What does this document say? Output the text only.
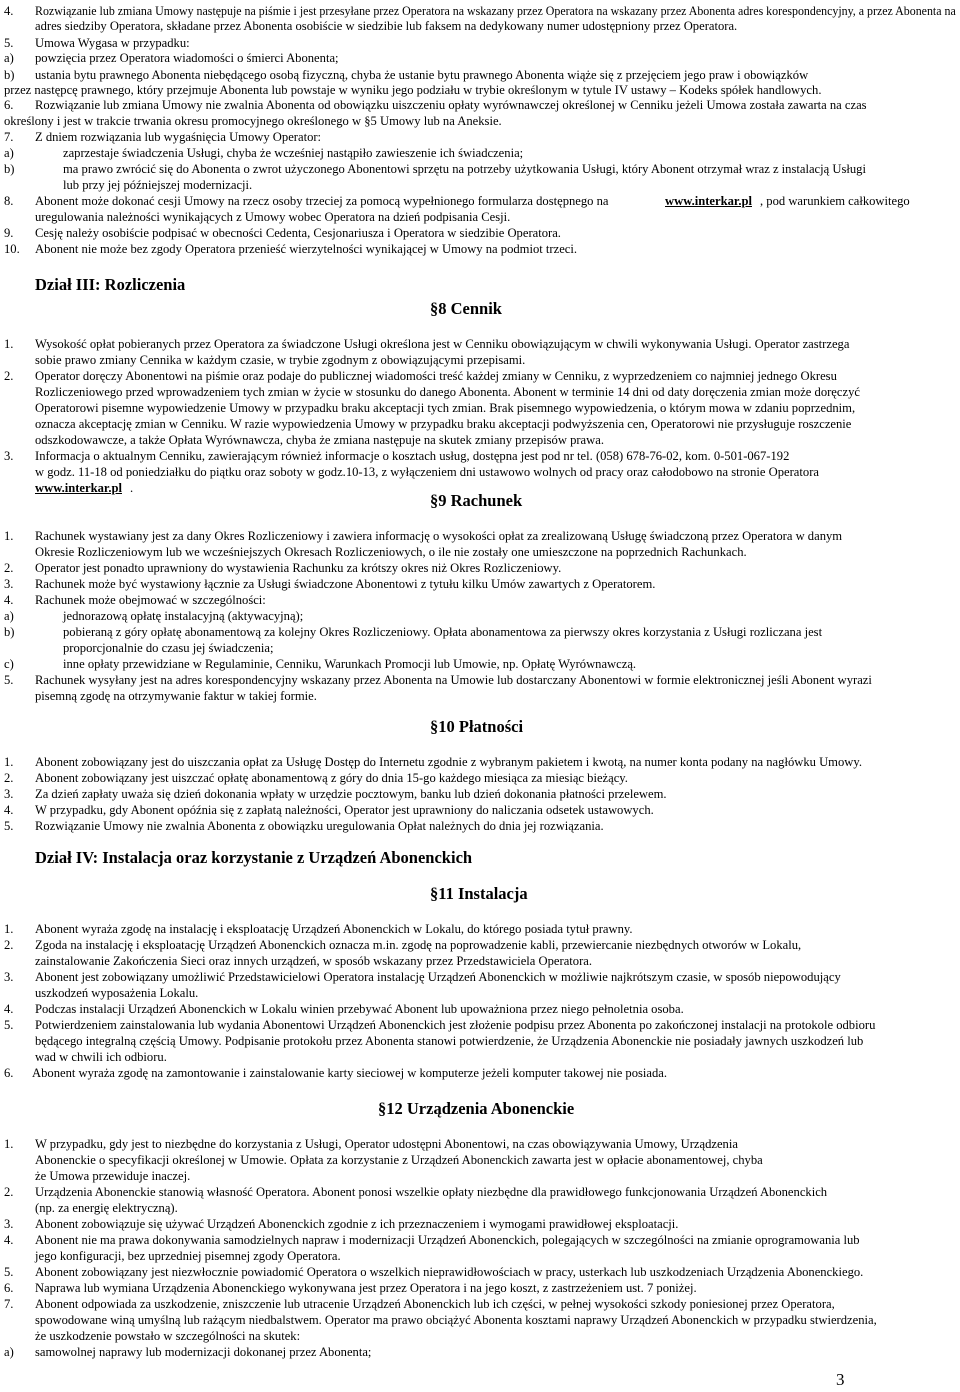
4. Rozwiązanie lub zmiana Umowy następuje na piśmie i jest przesyłane przez Operatora na wskazany przez Operatora na wskazany przez Abonenta adres korespondencyjny, a przez Abonenta na
adres siedziby Operatora, składane przez Abonenta osobiście w siedzibie lub faksem na dedykowany numer udostępniony przez Operatora.
5. Umowa Wygasa w przypadku:
a) powzięcia przez Operatora wiadomości o śmierci Abonenta;
b) ustania bytu prawnego Abonenta niebędącego osobą fizyczną, chyba że ustanie bytu prawnego Abonenta wiąże się z przejęciem jego praw i obowiązków
przez następcę prawnego, który przejmuje Abonenta lub powstaje w wyniku jego podziału w trybie określonym w tytule IV ustawy – Kodeks spółek handlowych.
6. Rozwiązanie lub zmiana Umowy nie zwalnia Abonenta od obowiązku uiszczeniu opłaty wyrównawczej określonej w Cenniku jeżeli Umowa została zawarta na czas
określony i jest w trakcie trwania okresu promocyjnego określonego w §5 Umowy lub na Aneksie.
7. Z dniem rozwiązania lub wygaśnięcia Umowy Operator:
a)	zaprzestaje świadczenia Usługi, chyba że wcześniej nastąpiło zawieszenie ich świadczenia;
b)	ma prawo zwrócić się do Abonenta o zwrot użyczonego Abonentowi sprzętu na potrzeby użytkowania Usługi, który Abonent otrzymał wraz z instalacją Usługi
lub przy jej późniejszej modernizacji.
8. Abonent może dokonać cesji Umowy na rzecz osoby trzeciej za pomocą wypełnionego formularza dostępnego na	www.interkar.pl , pod warunkiem całkowitego
uregulowania należności wynikających z Umowy wobec Operatora na dzień podpisania Cesji.
9. Cesję należy osobiście podpisać w obecności Cedenta, Cesjonariusza i Operatora w siedzibie Operatora.
10. Abonent nie może bez zgody Operatora przenieść wierzytelności wynikającej w Umowy na podmiot trzeci.
Dział III: Rozliczenia
§8 Cennik
1. Wysokość opłat pobieranych przez Operatora za świadczone Usługi określona jest w Cenniku obowiązującym w chwili wykonywania Usługi. Operator zastrzega
sobie prawo zmiany Cennika w każdym czasie, w trybie zgodnym z obowiązującymi przepisami.
2. Operator doręczy Abonentowi na piśmie oraz podaje do publicznej wiadomości treść każdej zmiany w Cenniku, z wyprzedzeniem co najmniej jednego Okresu
Rozliczeniowego przed wprowadzeniem tych zmian w życie w stosunku do danego Abonenta. Abonent w terminie 14 dni od daty doręczenia zmian może doręczyć
Operatorowi pisemne wypowiedzenie Umowy w przypadku braku akceptacji tych zmian. Brak pisemnego wypowiedzenia, o którym mowa w zdaniu poprzednim,
oznacza akceptację zmian w Cenniku. W razie wypowiedzenia Umowy w przypadku braku akceptacji podwyższenia cen, Operatorowi nie przysługuje roszczenie
odszkodowawcze, a także Opłata Wyrównawcza, chyba że zmiana następuje na skutek zmiany przepisów prawa.
3. Informacja o aktualnym Cenniku, zawierającym również informacje o kosztach usług, dostępna jest pod nr tel. (058) 678-76-02, kom. 0-501-067-192
w godz. 11-18 od poniedziałku do piątku oraz soboty w godz.10-13, z wyłączeniem dni ustawowo wolnych od pracy oraz całodobowo na stronie Operatora
www.interkar.pl .
§9 Rachunek
1. Rachunek wystawiany jest za dany Okres Rozliczeniowy i zawiera informację o wysokości opłat za zrealizowaną Usługę świadczoną przez Operatora w danym
Okresie Rozliczeniowym lub we wcześniejszych Okresach Rozliczeniowych, o ile nie zostały one umieszczone na poprzednich Rachunkach.
2. Operator jest ponadto uprawniony do wystawienia Rachunku za krótszy okres niż Okres Rozliczeniowy.
3. Rachunek może być wystawiony łącznie za Usługi świadczone Abonentowi z tytułu kilku Umów zawartych z Operatorem.
4. Rachunek może obejmować w szczególności:
a)	jednorazową opłatę instalacyjną (aktywacyjną);
b)	pobieraną z góry opłatę abonamentową za kolejny Okres Rozliczeniowy. Opłata abonamentowa za pierwszy okres korzystania z Usługi rozliczana jest
proporcjonalnie do czasu jej świadczenia;
c)	inne opłaty przewidziane w Regulaminie, Cenniku, Warunkach Promocji lub Umowie, np. Opłatę Wyrównawczą.
5. Rachunek wysyłany jest na adres korespondencyjny wskazany przez Abonenta na Umowie lub dostarczany Abonentowi w formie elektronicznej jeśli Abonent wyrazi
pisemną zgodę na otrzymywanie faktur w takiej formie.
§10 Płatności
1. Abonent zobowiązany jest do uiszczania opłat za Usługę Dostęp do Internetu zgodnie z wybranym pakietem i kwotą, na numer konta podany na nagłówku Umowy.
2. Abonent zobowiązany jest uiszczać opłatę abonamentową z góry do dnia 15-go każdego miesiąca za miesiąc bieżący.
3. Za dzień zapłaty uważa się dzień dokonania wpłaty w urzędzie pocztowym, banku lub dzień dokonania płatności przelewem.
4. W przypadku, gdy Abonent opóźnia się z zapłatą należności, Operator jest uprawniony do naliczania odsetek ustawowych.
5. Rozwiązanie Umowy nie zwalnia Abonenta z obowiązku uregulowania Opłat należnych do dnia jej rozwiązania.
Dział IV: Instalacja oraz korzystanie z Urządzeń Abonenckich
§11 Instalacja
1. Abonent wyraża zgodę na instalację i eksploatację Urządzeń Abonenckich w Lokalu, do którego posiada tytuł prawny.
2. Zgoda na instalację i eksploatację Urządzeń Abonenckich oznacza m.in. zgodę na poprowadzenie kabli, przewiercanie niezbędnych otworów w Lokalu,
zainstalowanie Zakończenia Sieci oraz innych urządzeń, w sposób wskazany przez Przedstawiciela Operatora.
3. Abonent jest zobowiązany umożliwić Przedstawicielowi Operatora instalację Urządzeń Abonenckich w możliwie najkrótszym czasie, w sposób niepowodujący
uszkodzeń wyposażenia Lokalu.
4. Podczas instalacji Urządzeń Abonenckich w Lokalu winien przebywać Abonent lub upoważniona przez niego pełnoletnia osoba.
5. Potwierdzeniem zainstalowania lub wydania Abonentowi Urządzeń Abonenckich jest złożenie podpisu przez Abonenta po zakończonej instalacji na protokole odbioru
będącego integralną częścią Umowy. Podpisanie protokołu przez Abonenta stanowi potwierdzenie, że Urządzenia Abonenckie nie posiadały jawnych uszkodzeń lub
wad w chwili ich odbioru.
6. Abonent wyraża zgodę na zamontowanie i zainstalowanie karty sieciowej w komputerze jeżeli komputer takowej nie posiada.
§12 Urządzenia Abonenckie
1. W przypadku, gdy jest to niezbędne do korzystania z Usługi, Operator udostępni Abonentowi, na czas obowiązywania Umowy, Urządzenia
Abonenckie o specyfikacji określonej w Umowie. Opłata za korzystanie z Urządzeń Abonenckich zawarta jest w opłacie abonamentowej, chyba
że Umowa przewiduje inaczej.
2. Urządzenia Abonenckie stanowią własność Operatora. Abonent ponosi wszelkie opłaty niezbędne dla prawidłowego funkcjonowania Urządzeń Abonenckich
(np. za energię elektryczną).
3. Abonent zobowiązuje się używać Urządzeń Abonenckich zgodnie z ich przeznaczeniem i wymogami prawidłowej eksploatacji.
4. Abonent nie ma prawa dokonywania samodzielnych napraw i modernizacji Urządzeń Abonenckich, polegających w szczególności na zmianie oprogramowania lub
jego konfiguracji, bez uprzedniej pisemnej zgody Operatora.
5. Abonent zobowiązany jest niezwłocznie powiadomić Operatora o wszelkich nieprawidłowościach w pracy, usterkach lub uszkodzeniach Urządzenia Abonenckiego.
6. Naprawa lub wymiana Urządzenia Abonenckiego wykonywana jest przez Operatora i na jego koszt, z zastrzeżeniem ust. 7 poniżej.
7. Abonent odpowiada za uszkodzenie, zniszczenie lub utracenie Urządzeń Abonenckich lub ich części, w pełnej wysokości szkody poniesionej przez Operatora,
spowodowane winą umyślną lub rażącym niedbalstwem. Operator ma prawo obciążyć Abonenta kosztami naprawy Urządzeń Abonenckich w przypadku stwierdzenia,
że uszkodzenie powstało w szczególności na skutek:
a) samowolnej naprawy lub modernizacji dokonanej przez Abonenta;
3
